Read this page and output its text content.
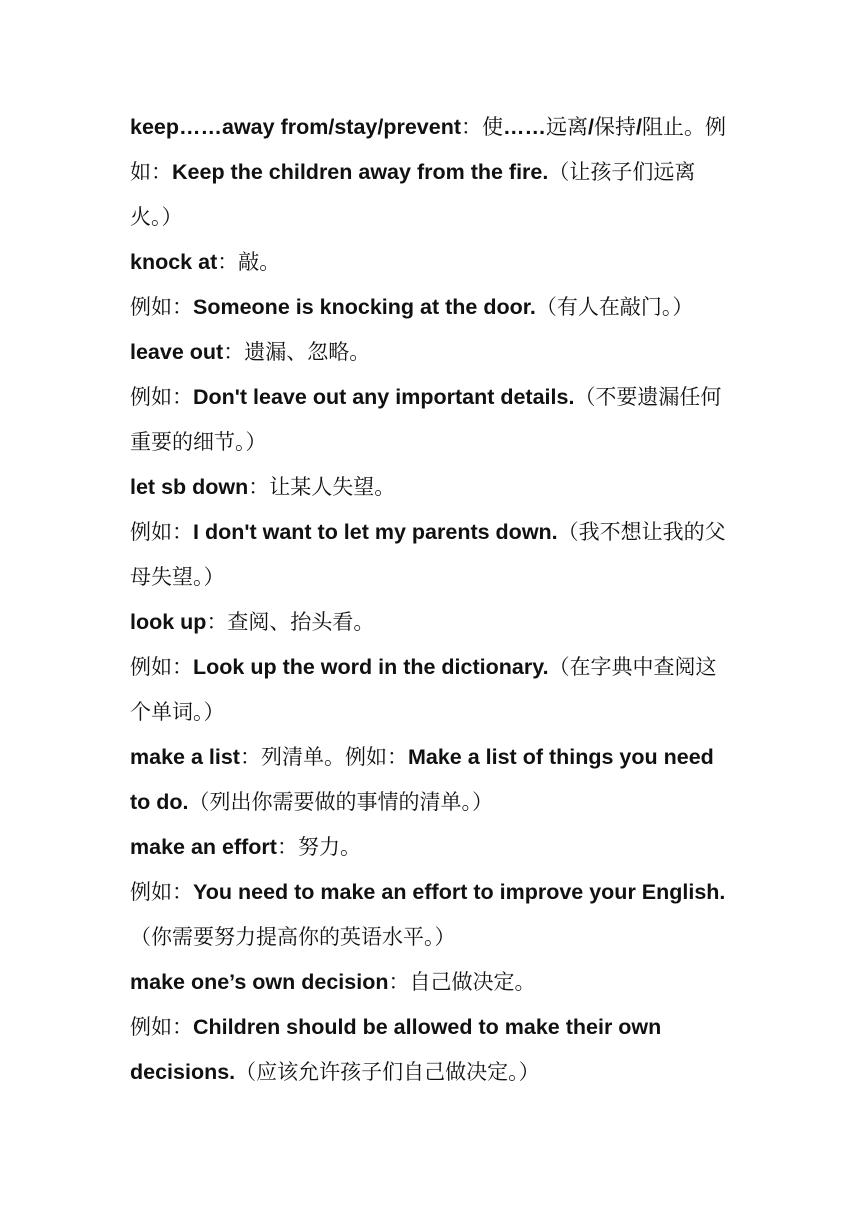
keep……away from/stay/prevent：使……远离/保持/阻止。例如：Keep the children away from the fire.（让孩子们远离火。）

knock at：敲。

例如：Someone is knocking at the door.（有人在敲门。）

leave out：遗漏、忽略。

例如：Don't leave out any important details.（不要遗漏任何重要的细节。）

let sb down：让某人失望。

例如：I don't want to let my parents down.（我不想让我的父母失望。）

look up：查阅、抬头看。

例如：Look up the word in the dictionary.（在字典中查阅这个单词。）

make a list：列清单。例如：Make a list of things you need to do.（列出你需要做的事情的清单。）

make an effort：努力。

例如：You need to make an effort to improve your English.（你需要努力提高你的英语水平。）

make one’s own decision：自己做决定。

例如：Children should be allowed to make their own decisions.（应该允许孩子们自己做决定。）
